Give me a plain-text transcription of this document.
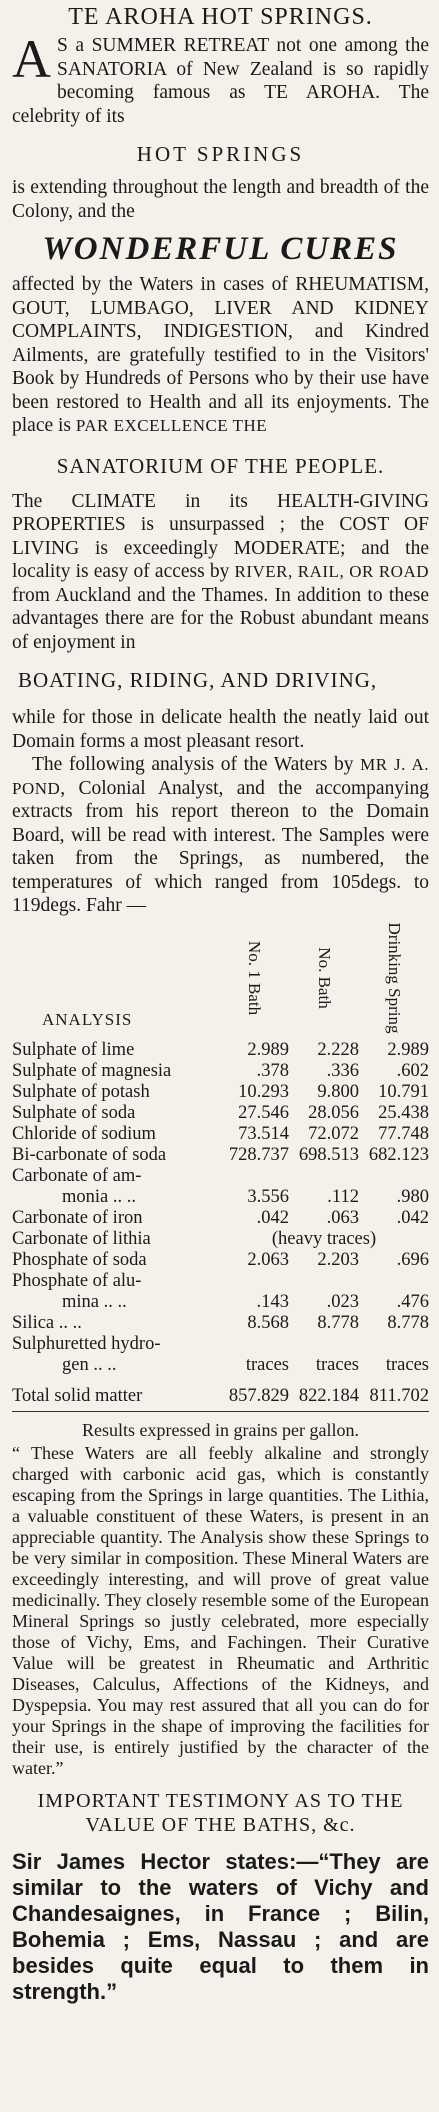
TE AROHA HOT SPRINGS.

A S a SUMMER RETREAT not one among the SANATORIA of New Zealand is so rapidly becoming famous as TE AROHA. The celebrity of its

HOT SPRINGS

is extending throughout the length and breadth of the Colony, and the

WONDERFUL CURES

affected by the Waters in cases of RHEUMATISM, GOUT, LUMBAGO, LIVER AND KIDNEY COMPLAINTS, INDIGESTION, and Kindred Ailments, are gratefully testified to in the Visitors' Book by Hundreds of Persons who by their use have been restored to Health and all its enjoyments. The place is PAR EXCELLENCE THE

SANATORIUM OF THE PEOPLE.

The CLIMATE in its HEALTH-GIVING PROPERTIES is unsurpassed ; the COST OF LIVING is exceedingly MODERATE; and the locality is easy of access by RIVER, RAIL, OR ROAD from Auckland and the Thames. In addition to these advantages there are for the Robust abundant means of enjoyment in

BOATING, RIDING, AND DRIVING,

while for those in delicate health the neatly laid out Domain forms a most pleasant resort.

The following analysis of the Waters by MR J. A. POND, Colonial Analyst, and the accompanying extracts from his report thereon to the Domain Board, will be read with interest. The Samples were taken from the Springs, as numbered, the temperatures of which ranged from 105degs. to 119degs. Fahr —

ANALYSIS	No. 1 Bath	No. Bath	Drinking Spring

Sulphate of lime	2.989	2.228	2.989
Sulphate of magnesia	.378	.336	.602
Sulphate of potash	10.293	9.800	10.791
Sulphate of soda	27.546	28.056	25.438
Chloride of sodium	73.514	72.072	77.748
Bi-carbonate of soda	728.737	698.513	682.123
Carbonate of am-			
monia .. ..	3.556	.112	.980
Carbonate of iron	.042	.063	.042
Carbonate of lithia	(heavy traces)		
Phosphate of soda	2.063	2.203	.696
Phosphate of alu-			
mina .. ..	.143	.023	.476
Silica .. ..	8.568	8.778	8.778
Sulphuretted hydro-			
gen .. ..	traces	traces	traces
Total solid matter	857.829	822.184	811.702
Results expressed in grains per gallon.

“ These Waters are all feebly alkaline and strongly charged with carbonic acid gas, which is constantly escaping from the Springs in large quantities. The Lithia, a valuable constituent of these Waters, is present in an appreciable quantity. The Analysis show these Springs to be very similar in composition. These Mineral Waters are exceedingly interesting, and will prove of great value medicinally. They closely resemble some of the European Mineral Springs so justly celebrated, more especially those of Vichy, Ems, and Fachingen. Their Curative Value will be greatest in Rheumatic and Arthritic Diseases, Calculus, Affections of the Kidneys, and Dyspepsia. You may rest assured that all you can do for your Springs in the shape of improving the facilities for their use, is entirely justified by the character of the water.”

IMPORTANT TESTIMONY AS TO THE VALUE OF THE BATHS, &c.

Sir James Hector states:—“They are similar to the waters of Vichy and Chandesaignes, in France ; Bilin, Bohemia ; Ems, Nassau ; and are besides quite equal to them in strength.”
